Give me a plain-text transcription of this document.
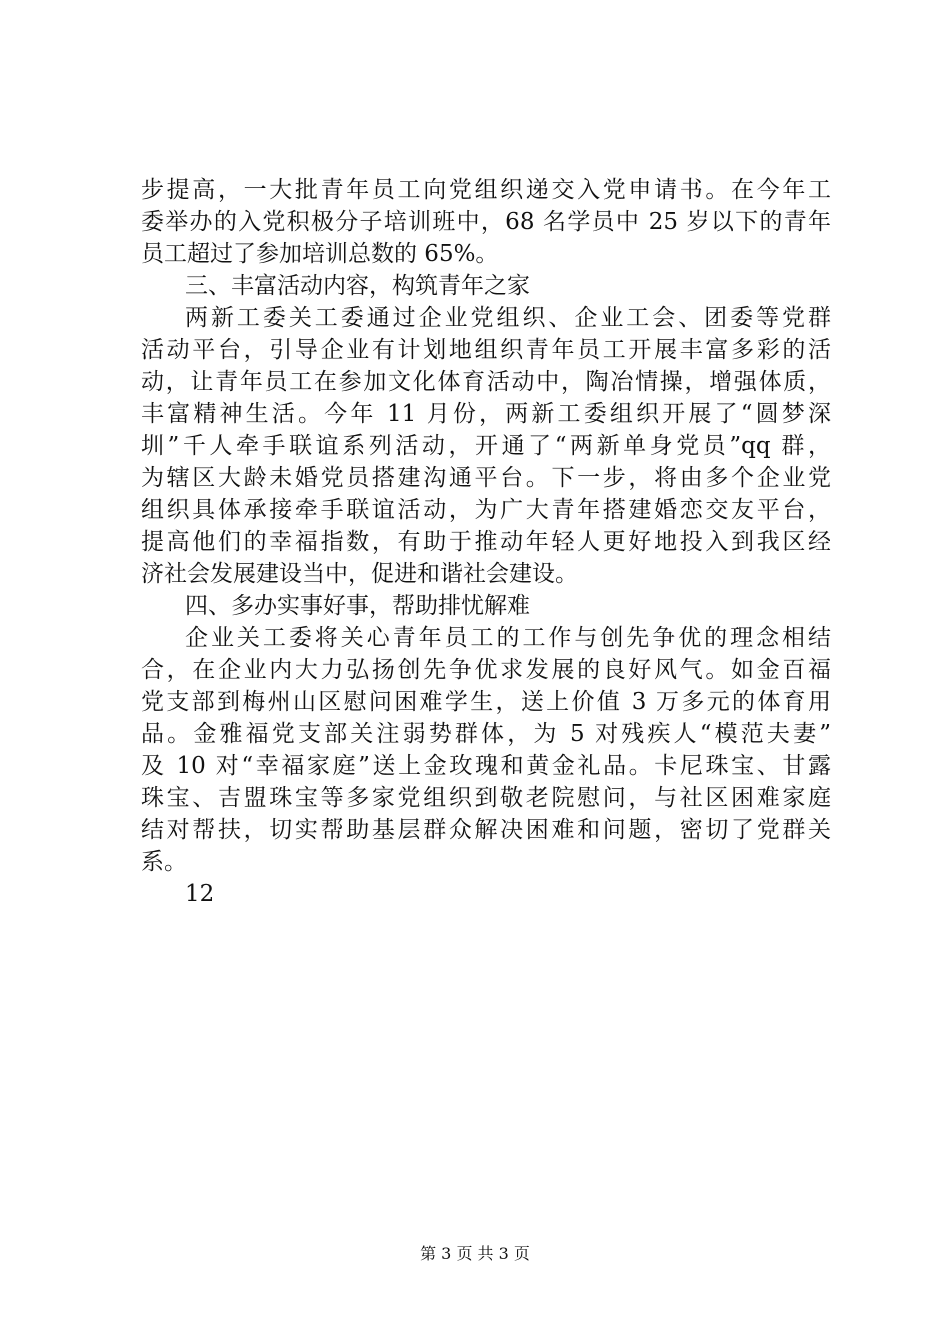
步提高，一大批青年员工向党组织递交入党申请书。在今年工
委举办的入党积极分子培训班中，68 名学员中 25 岁以下的青年
员工超过了参加培训总数的 65%。
三、丰富活动内容，构筑青年之家
两新工委关工委通过企业党组织、企业工会、团委等党群
活动平台，引导企业有计划地组织青年员工开展丰富多彩的活
动，让青年员工在参加文化体育活动中，陶冶情操，增强体质，
丰富精神生活。今年 11 月份，两新工委组织开展了“圆梦深
圳”千人牵手联谊系列活动，开通了“两新单身党员”qq 群，
为辖区大龄未婚党员搭建沟通平台。下一步，将由多个企业党
组织具体承接牵手联谊活动，为广大青年搭建婚恋交友平台，
提高他们的幸福指数，有助于推动年轻人更好地投入到我区经
济社会发展建设当中，促进和谐社会建设。
四、多办实事好事，帮助排忧解难
企业关工委将关心青年员工的工作与创先争优的理念相结
合，在企业内大力弘扬创先争优求发展的良好风气。如金百福
党支部到梅州山区慰问困难学生，送上价值 3 万多元的体育用
品。金雅福党支部关注弱势群体，为 5 对残疾人“模范夫妻”
及 10 对“幸福家庭”送上金玫瑰和黄金礼品。卡尼珠宝、甘露
珠宝、吉盟珠宝等多家党组织到敬老院慰问，与社区困难家庭
结对帮扶，切实帮助基层群众解决困难和问题，密切了党群关
系。
12
第 3 页 共 3 页
